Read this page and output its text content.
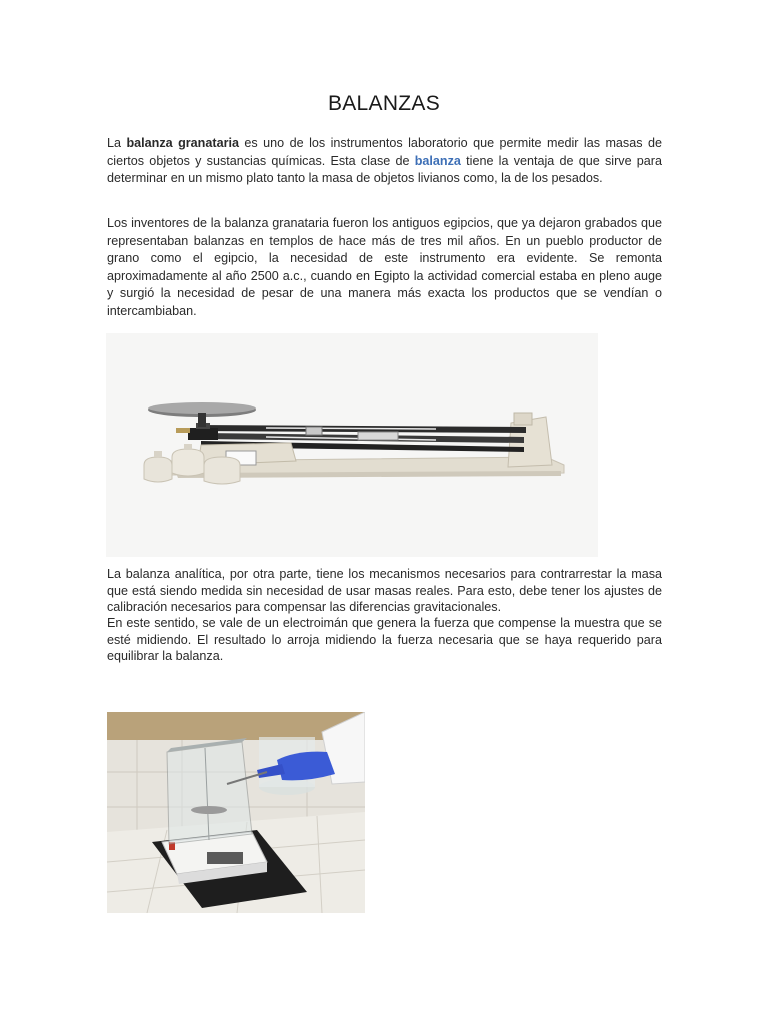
BALANZAS

La balanza granataria es uno de los instrumentos laboratorio que permite medir las masas de ciertos objetos y sustancias químicas. Esta clase de balanza tiene la ventaja de que sirve para determinar en un mismo plato tanto la masa de objetos livianos como, la de los pesados.

Los inventores de la balanza granataria fueron los antiguos egipcios, que ya dejaron grabados que representaban balanzas en templos de hace más de tres mil años. En un pueblo productor de grano como el egipcio, la necesidad de este instrumento era evidente. Se remonta aproximadamente al año 2500 a.c., cuando en Egipto la actividad comercial estaba en pleno auge y surgió la necesidad de pesar de una manera más exacta los productos que se vendían o intercambiaban.

La balanza analítica, por otra parte, tiene los mecanismos necesarios para contrarrestar la masa que está siendo medida sin necesidad de usar masas reales. Para esto, debe tener los ajustes de calibración necesarios para compensar las diferencias gravitacionales.

En este sentido, se vale de un electroimán que genera la fuerza que compense la muestra que se esté midiendo. El resultado lo arroja midiendo la fuerza necesaria que se haya requerido para equilibrar la balanza.
